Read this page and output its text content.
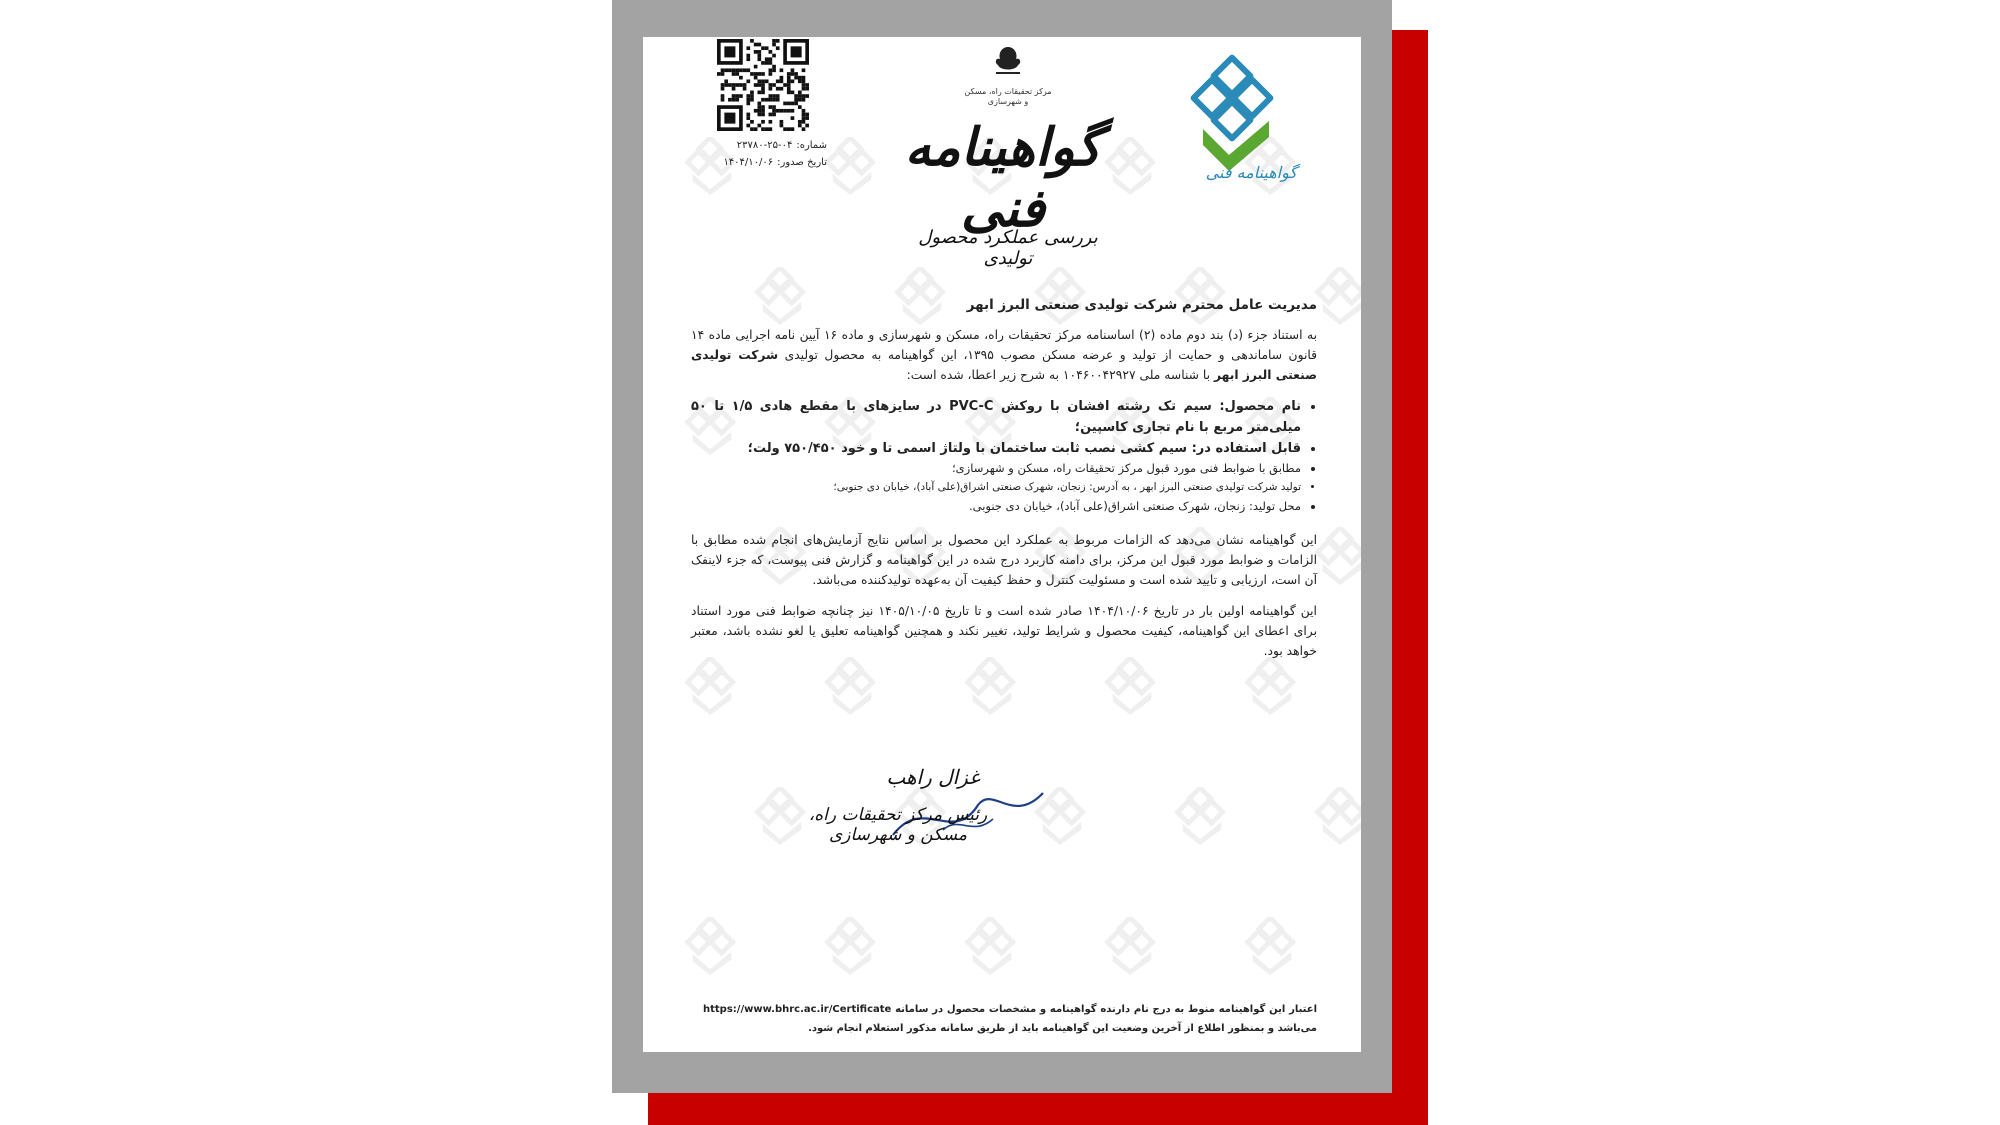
گواهینامه فنی
مرکز تحقیقات راه، مسکن و شهرسازی
گواهینامه فنی
بررسی عملکرد محصول تولیدی
شماره:۰۴-۲۵-۲۳۷۸۰
تاریخ صدور:۱۴۰۴/۱۰/۰۶
مدیریت عامل محترم شرکت تولیدی صنعتی البرز ابهر

به استناد جزء (د) بند دوم ماده (۲) اساسنامه مرکز تحقیقات راه، مسکن و شهرسازی و ماده ۱۶ آیین نامه اجرایی ماده ۱۴ قانون ساماندهی و حمایت از تولید و عرضه مسکن مصوب ۱۳۹۵، این گواهینامه به محصول تولیدی شرکت تولیدی صنعتی البرز ابهر با شناسه ملی ۱۰۴۶۰۰۴۲۹۲۷ به شرح زیر اعطا، شده است:

• نام محصول: سیم تک رشته افشان با روکش PVC-C در سایزهای با مقطع هادی ۱/۵ تا ۵۰ میلی‌متر مربع با نام تجاری کاسپین؛
• قابل استفاده در: سیم کشی نصب ثابت ساختمان با ولتاژ اسمی تا و خود ۷۵۰/۴۵۰ ولت؛
• مطابق با ضوابط فنی مورد قبول مرکز تحقیقات راه، مسکن و شهرسازی؛
• تولید شرکت تولیدی صنعتی البرز ابهر ، به آدرس: زنجان، شهرک صنعتی اشراق(علی آباد)، خیابان دی جنوبی؛
• محل تولید: زنجان، شهرک صنعتی اشراق(علی آباد)، خیابان دی جنوبی.

این گواهینامه نشان می‌دهد که الزامات مربوط به عملکرد این محصول بر اساس نتایج آزمایش‌های انجام شده مطابق با الزامات و ضوابط مورد قبول این مرکز، برای دامنه کاربرد درج شده در این گواهینامه و گزارش فنی پیوست، که جزء لاینفک آن است، ارزیابی و تایید شده است و مسئولیت کنترل و حفظ کیفیت آن به‌عهده تولیدکننده می‌باشد.

این گواهینامه اولین بار در تاریخ ۱۴۰۴/۱۰/۰۶ صادر شده است و تا تاریخ ۱۴۰۵/۱۰/۰۵ نیز چنانچه ضوابط فنی مورد استناد برای اعطای این گواهینامه، کیفیت محصول و شرایط تولید، تغییر نکند و همچنین گواهینامه تعلیق یا لغو نشده باشد، معتبر خواهد بود.

غزال راهب
رئیس مرکز تحقیقات راه، مسکن و شهرسازی
اعتبار این گواهینامه منوط به درج نام دارنده گواهینامه و مشخصات محصول در سامانه https://www.bhrc.ac.ir/Certificate می‌باشد و بمنظور اطلاع از آخرین وضعیت این گواهینامه باید از طریق سامانه مذکور استعلام انجام شود.
